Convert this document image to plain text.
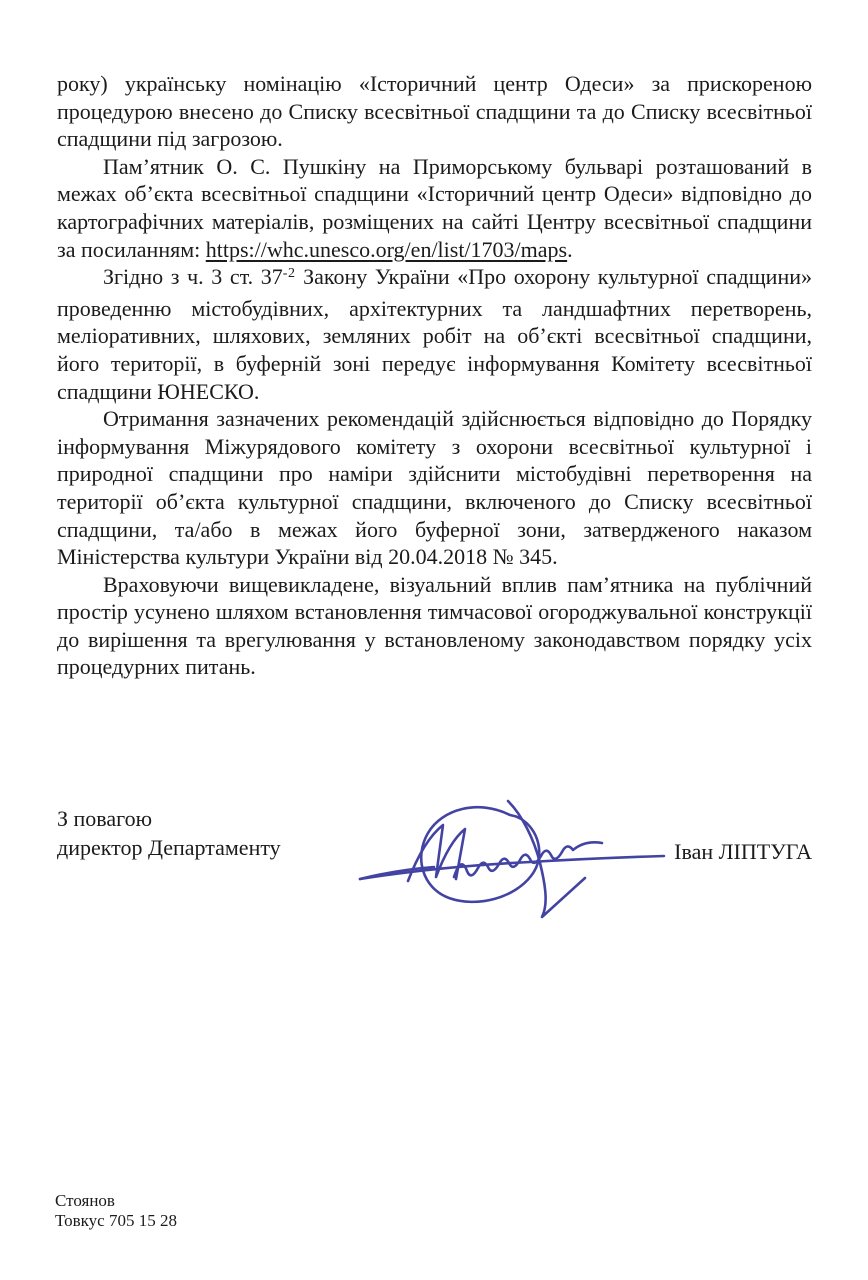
року) українську номінацію «Історичний центр Одеси» за прискореною процедурою внесено до Списку всесвітньої спадщини та до Списку всесвітньої спадщини під загрозою.

Пам’ятник О. С. Пушкіну на Приморському бульварі розташований в межах об’єкта всесвітньої спадщини «Історичний центр Одеси» відповідно до картографічних матеріалів, розміщених на сайті Центру всесвітньої спадщини за посиланням: https://whc.unesco.org/en/list/1703/maps.

Згідно з ч. 3 ст. $37^{-2}$ Закону України «Про охорону культурної спадщини» проведенню містобудівних, архітектурних та ландшафтних перетворень, меліоративних, шляхових, земляних робіт на об’єкті всесвітньої спадщини, його території, в буферній зоні передує інформування Комітету всесвітньої спадщини ЮНЕСКО.

Отримання зазначених рекомендацій здійснюється відповідно до Порядку інформування Міжурядового комітету з охорони всесвітньої культурної і природної спадщини про наміри здійснити містобудівні перетворення на території об’єкта культурної спадщини, включеного до Списку всесвітньої спадщини, та/або в межах його буферної зони, затвердженого наказом Міністерства культури України від 20.04.2018 № 345.

Враховуючи вищевикладене, візуальний вплив пам’ятника на публічний простір усунено шляхом встановлення тимчасової огороджувальної конструкції до вирішення та врегулювання у встановленому законодавством порядку усіх процедурних питань.

З повагою
директор Департаменту	Іван ЛІПТУГА
Стоянов
Товкус 705 15 28
